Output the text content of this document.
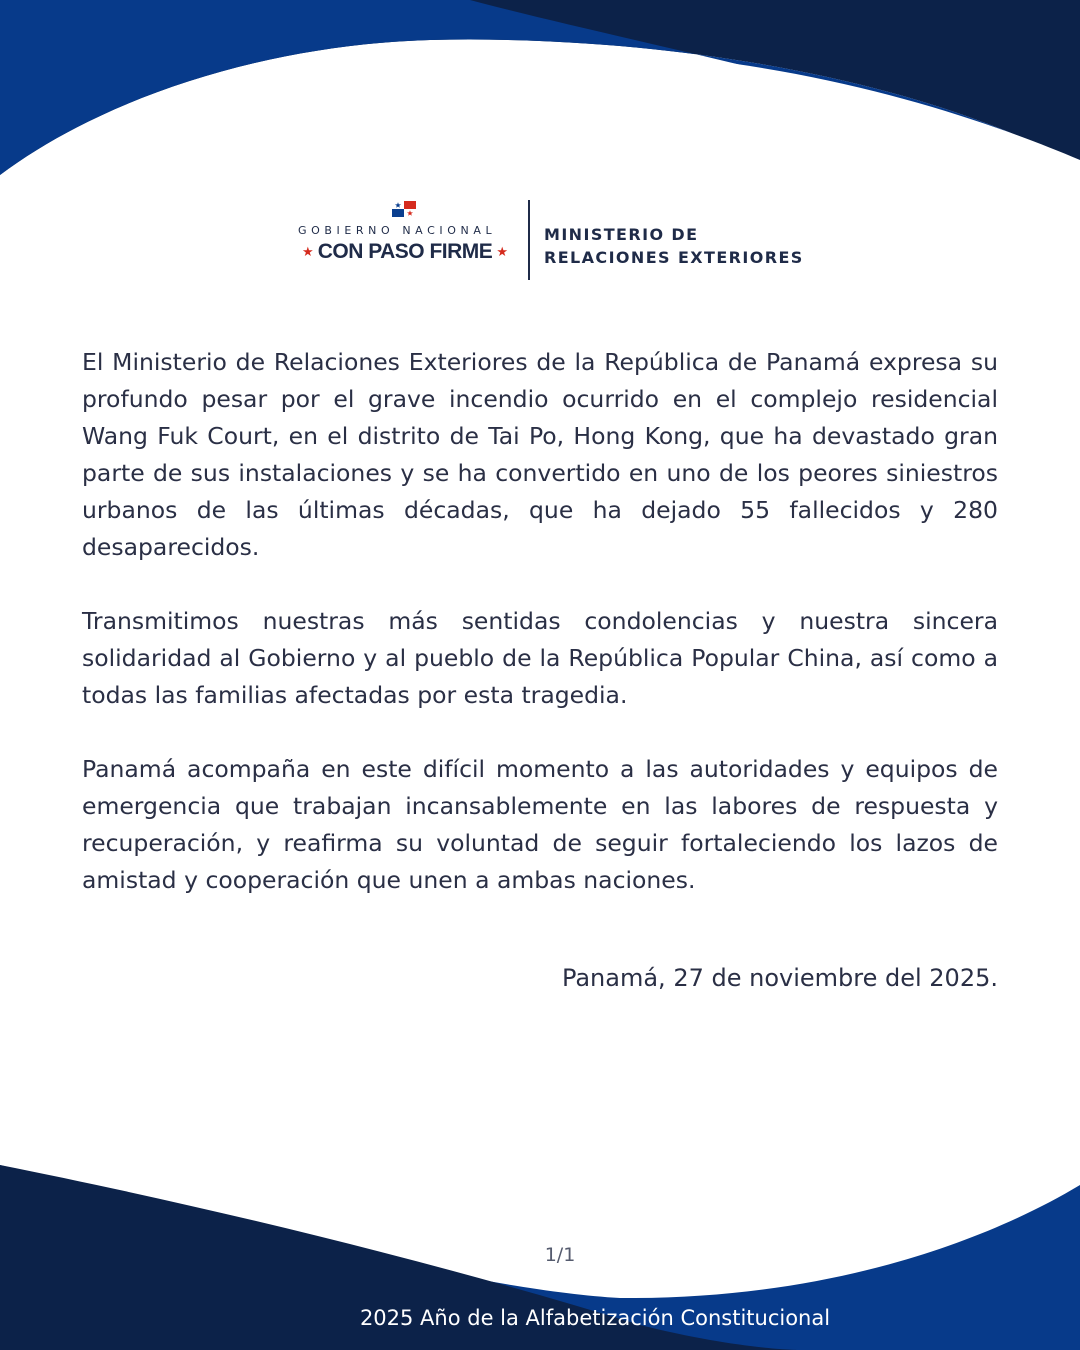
GOBIERNO NACIONAL
★ CON PASO FIRME ★
MINISTERIO DE
RELACIONES EXTERIORES

El Ministerio de Relaciones Exteriores de la República de Panamá expresa su profundo pesar por el grave incendio ocurrido en el complejo residencial Wang Fuk Court, en el distrito de Tai Po, Hong Kong, que ha devastado gran parte de sus instalaciones y se ha convertido en uno de los peores siniestros urbanos de las últimas décadas, que ha dejado 55 fallecidos y 280 desaparecidos.

Transmitimos nuestras más sentidas condolencias y nuestra sincera solidaridad al Gobierno y al pueblo de la República Popular China, así como a todas las familias afectadas por esta tragedia.

Panamá acompaña en este difícil momento a las autoridades y equipos de emergencia que trabajan incansablemente en las labores de respuesta y recuperación, y reafirma su voluntad de seguir fortaleciendo los lazos de amistad y cooperación que unen a ambas naciones.

Panamá, 27 de noviembre del 2025.
1/1
2025 Año de la Alfabetización Constitucional
